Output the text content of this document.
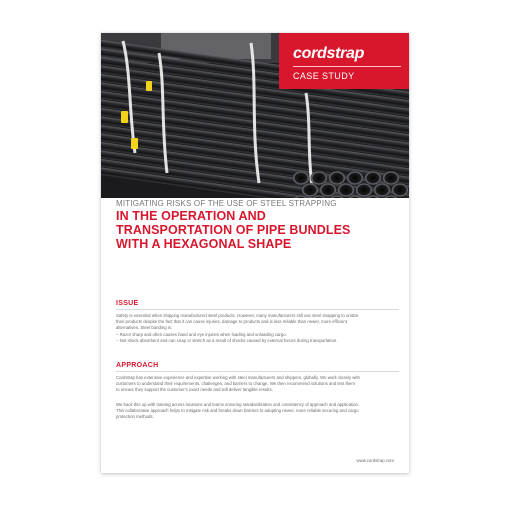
cordstrap
CASE STUDY
MITIGATING RISKS OF THE USE OF STEEL STRAPPING
IN THE OPERATION AND
TRANSPORTATION OF PIPE BUNDLES
WITH A HEXAGONAL SHAPE
ISSUE
Safety is essential when shipping manufactured steel products. However, many manufacturers still use steel strapping to unitize
their products despite the fact that it can cause injuries, damage to products and is less reliable than newer, more efficient
alternatives. Steel banding is:
– Razor sharp and often causes hand and eye injuries when loading and unloading cargo.
– Not shock absorbent and can snap or stretch as a result of shocks caused by external forces during transportation.
APPROACH
Cordstrap has extensive experience and expertise working with steel manufacturers and shippers, globally. We work closely with
customers to understand their requirements, challenges, and barriers to change. We then recommend solutions and test them
to ensure they support the customer's exact needs and will deliver tangible results.
We back this up with training across locations and teams ensuring standardization and consistency of approach and application.
This collaborative approach helps to mitigate risk and breaks down barriers to adopting newer, more reliable securing and cargo
protection methods.
www.cordstrap.com
